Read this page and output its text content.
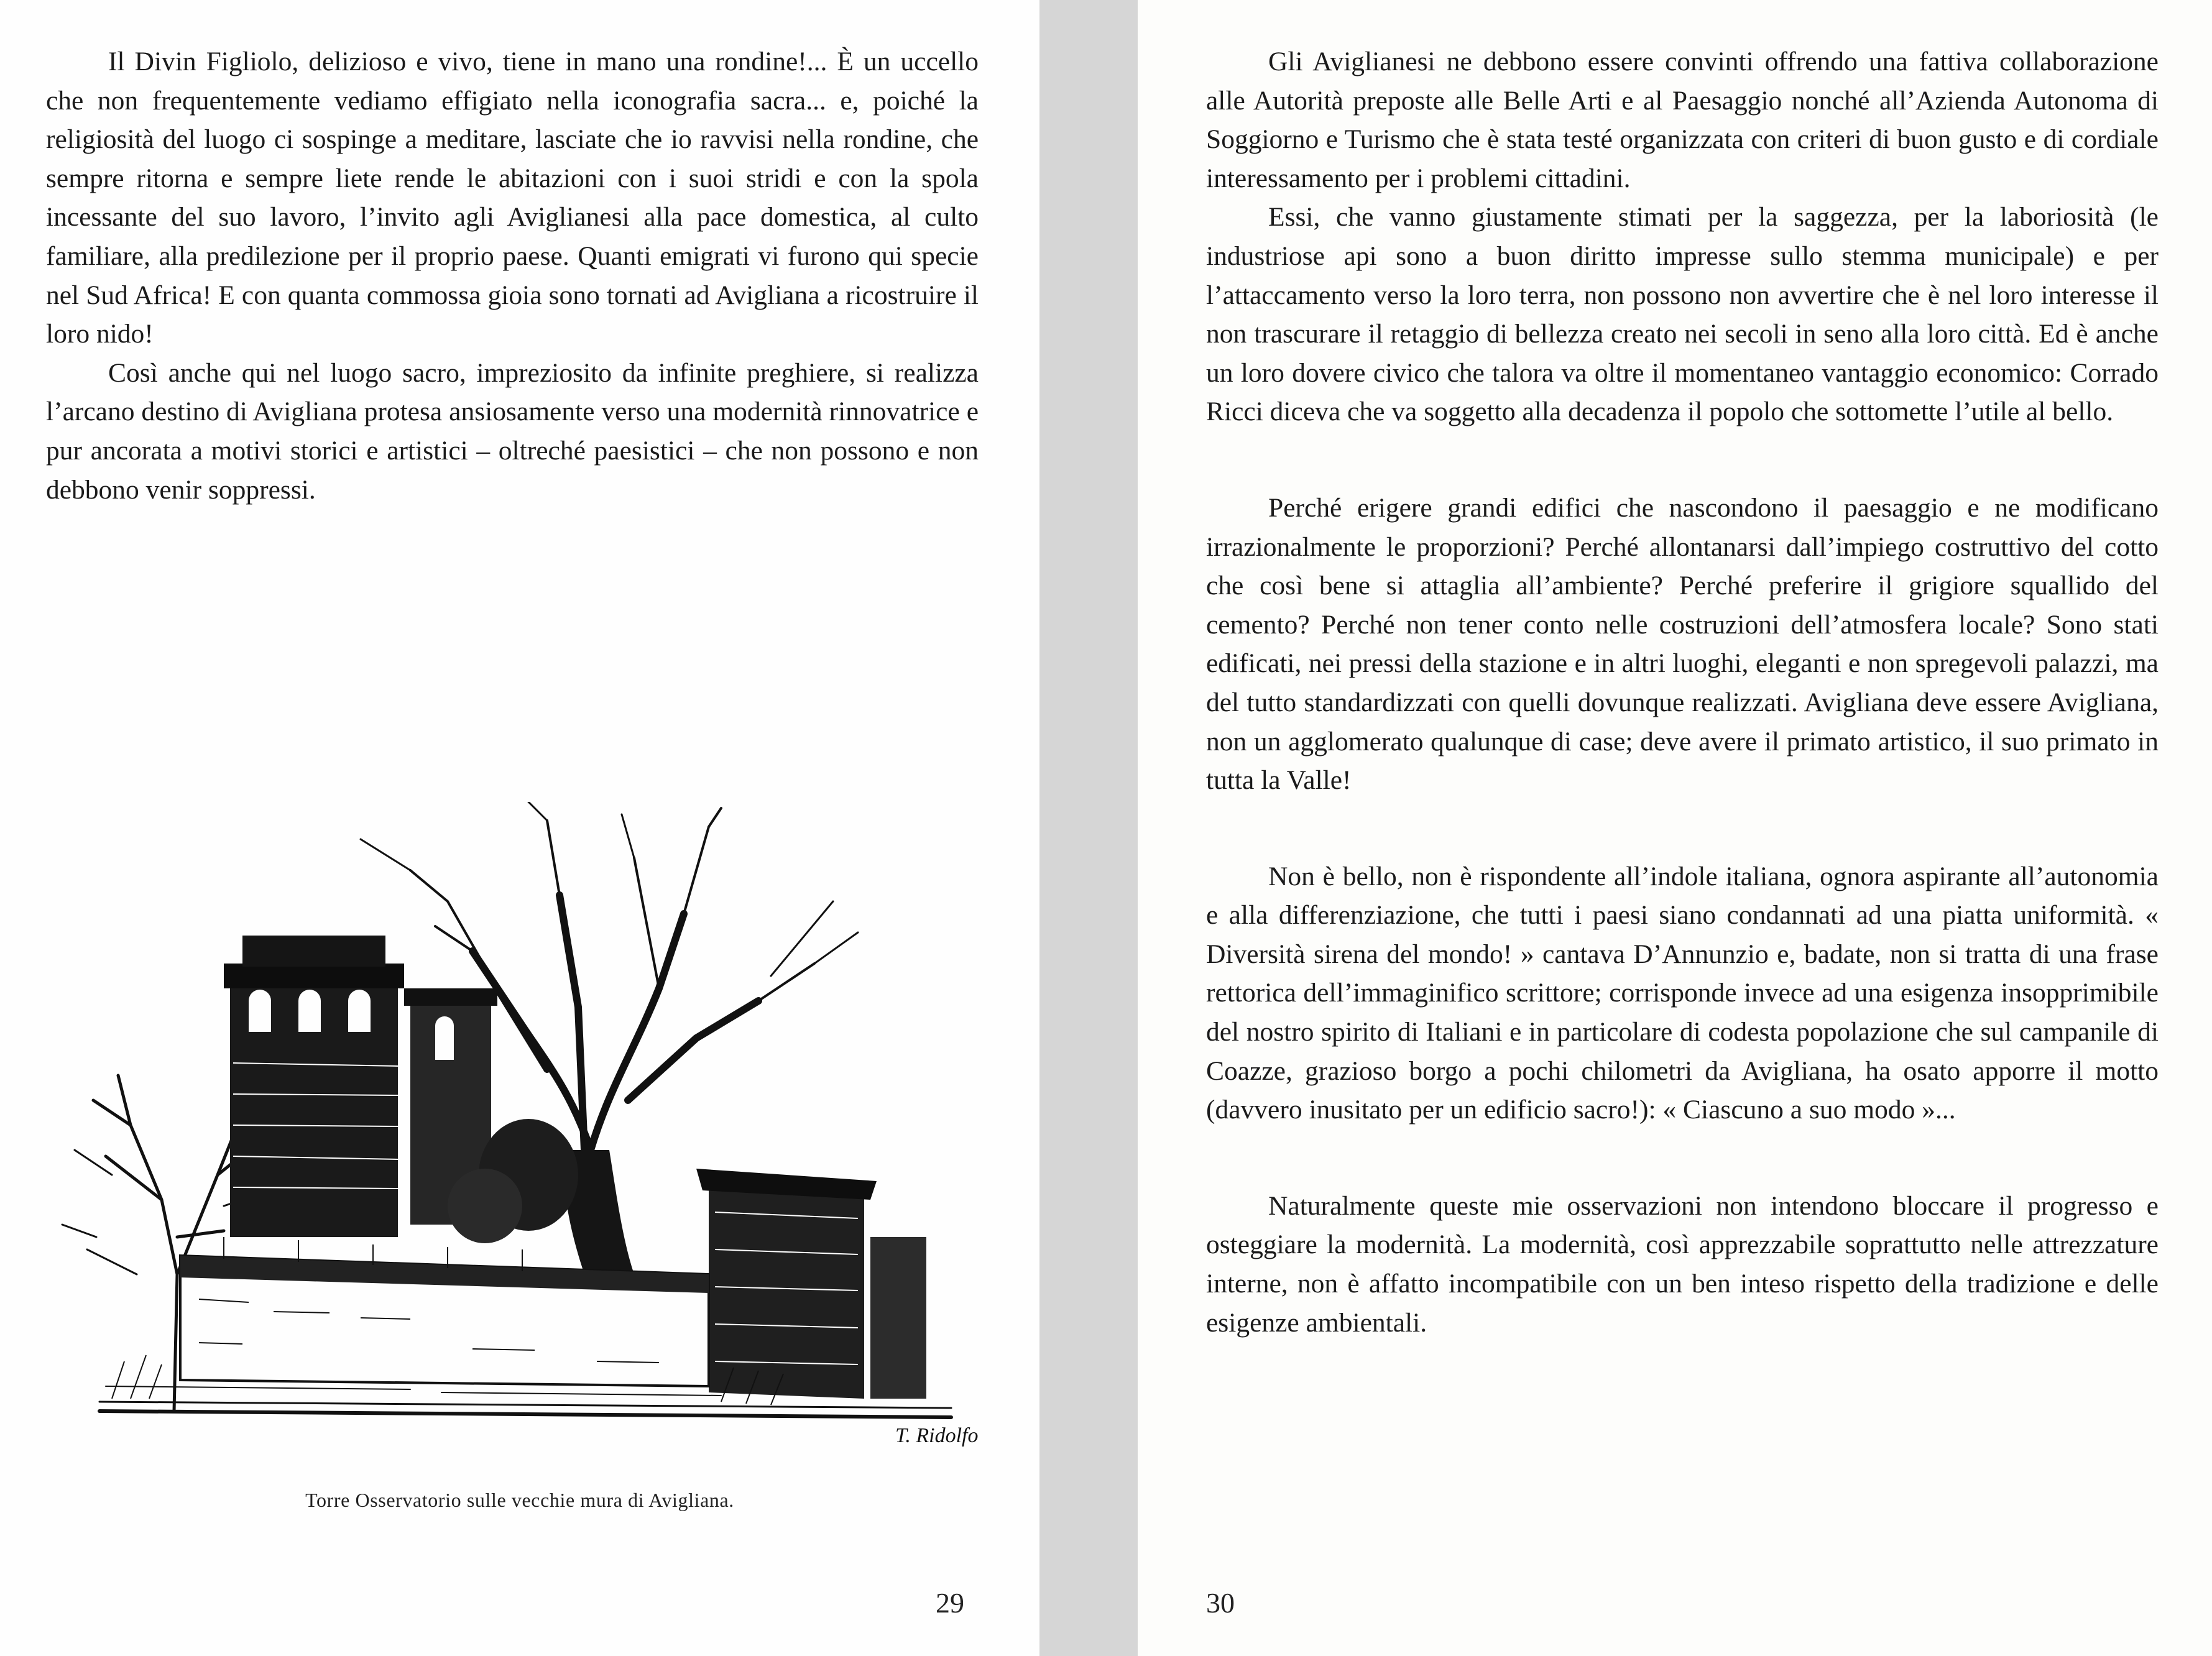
Il Divin Figliolo, delizioso e vivo, tiene in mano una rondine!... È un uccello che non frequentemente vediamo effigiato nella iconografia sacra... e, poiché la religiosità del luogo ci sospinge a meditare, lasciate che io ravvisi nella rondine, che sempre ritorna e sempre liete rende le abitazioni con i suoi stridi e con la spola incessante del suo lavoro, l’invito agli Aviglianesi alla pace domestica, al culto familiare, alla predilezione per il proprio paese. Quanti emigrati vi furono qui specie nel Sud Africa! E con quanta commossa gioia sono tornati ad Avigliana a ricostruire il loro nido!

Così anche qui nel luogo sacro, impreziosito da infinite preghiere, si realizza l’arcano destino di Avigliana protesa ansiosamente verso una modernità rinnovatrice e pur ancorata a motivi storici e artistici – oltreché paesistici – che non possono e non debbono venir soppressi.

T. Ridolfo
Torre Osservatorio sulle vecchie mura di Avigliana.
29

Gli Aviglianesi ne debbono essere convinti offrendo una fattiva collaborazione alle Autorità preposte alle Belle Arti e al Paesaggio nonché all’Azienda Autonoma di Soggiorno e Turismo che è stata testé organizzata con criteri di buon gusto e di cordiale interessamento per i problemi cittadini.

Essi, che vanno giustamente stimati per la saggezza, per la laboriosità (le industriose api sono a buon diritto impresse sullo stemma municipale) e per l’attaccamento verso la loro terra, non possono non avvertire che è nel loro interesse il non trascurare il retaggio di bellezza creato nei secoli in seno alla loro città. Ed è anche un loro dovere civico che talora va oltre il momentaneo vantaggio economico: Corrado Ricci diceva che va soggetto alla decadenza il popolo che sottomette l’utile al bello.

Perché erigere grandi edifici che nascondono il paesaggio e ne modificano irrazionalmente le proporzioni? Perché allontanarsi dall’impiego costruttivo del cotto che così bene si attaglia all’ambiente? Perché preferire il grigiore squallido del cemento? Perché non tener conto nelle costruzioni dell’atmosfera locale? Sono stati edificati, nei pressi della stazione e in altri luoghi, eleganti e non spregevoli palazzi, ma del tutto standardizzati con quelli dovunque realizzati. Avigliana deve essere Avigliana, non un agglomerato qualunque di case; deve avere il primato artistico, il suo primato in tutta la Valle!

Non è bello, non è rispondente all’indole italiana, ognora aspirante all’autonomia e alla differenziazione, che tutti i paesi siano condannati ad una piatta uniformità. « Diversità sirena del mondo! » cantava D’Annunzio e, badate, non si tratta di una frase rettorica dell’immaginifico scrittore; corrisponde invece ad una esigenza insopprimibile del nostro spirito di Italiani e in particolare di codesta popolazione che sul campanile di Coazze, grazioso borgo a pochi chilometri da Avigliana, ha osato apporre il motto (davvero inusitato per un edificio sacro!): « Ciascuno a suo modo »...

Naturalmente queste mie osservazioni non intendono bloccare il progresso e osteggiare la modernità. La modernità, così apprezzabile soprattutto nelle attrezzature interne, non è affatto incompatibile con un ben inteso rispetto della tradizione e delle esigenze ambientali.

30
